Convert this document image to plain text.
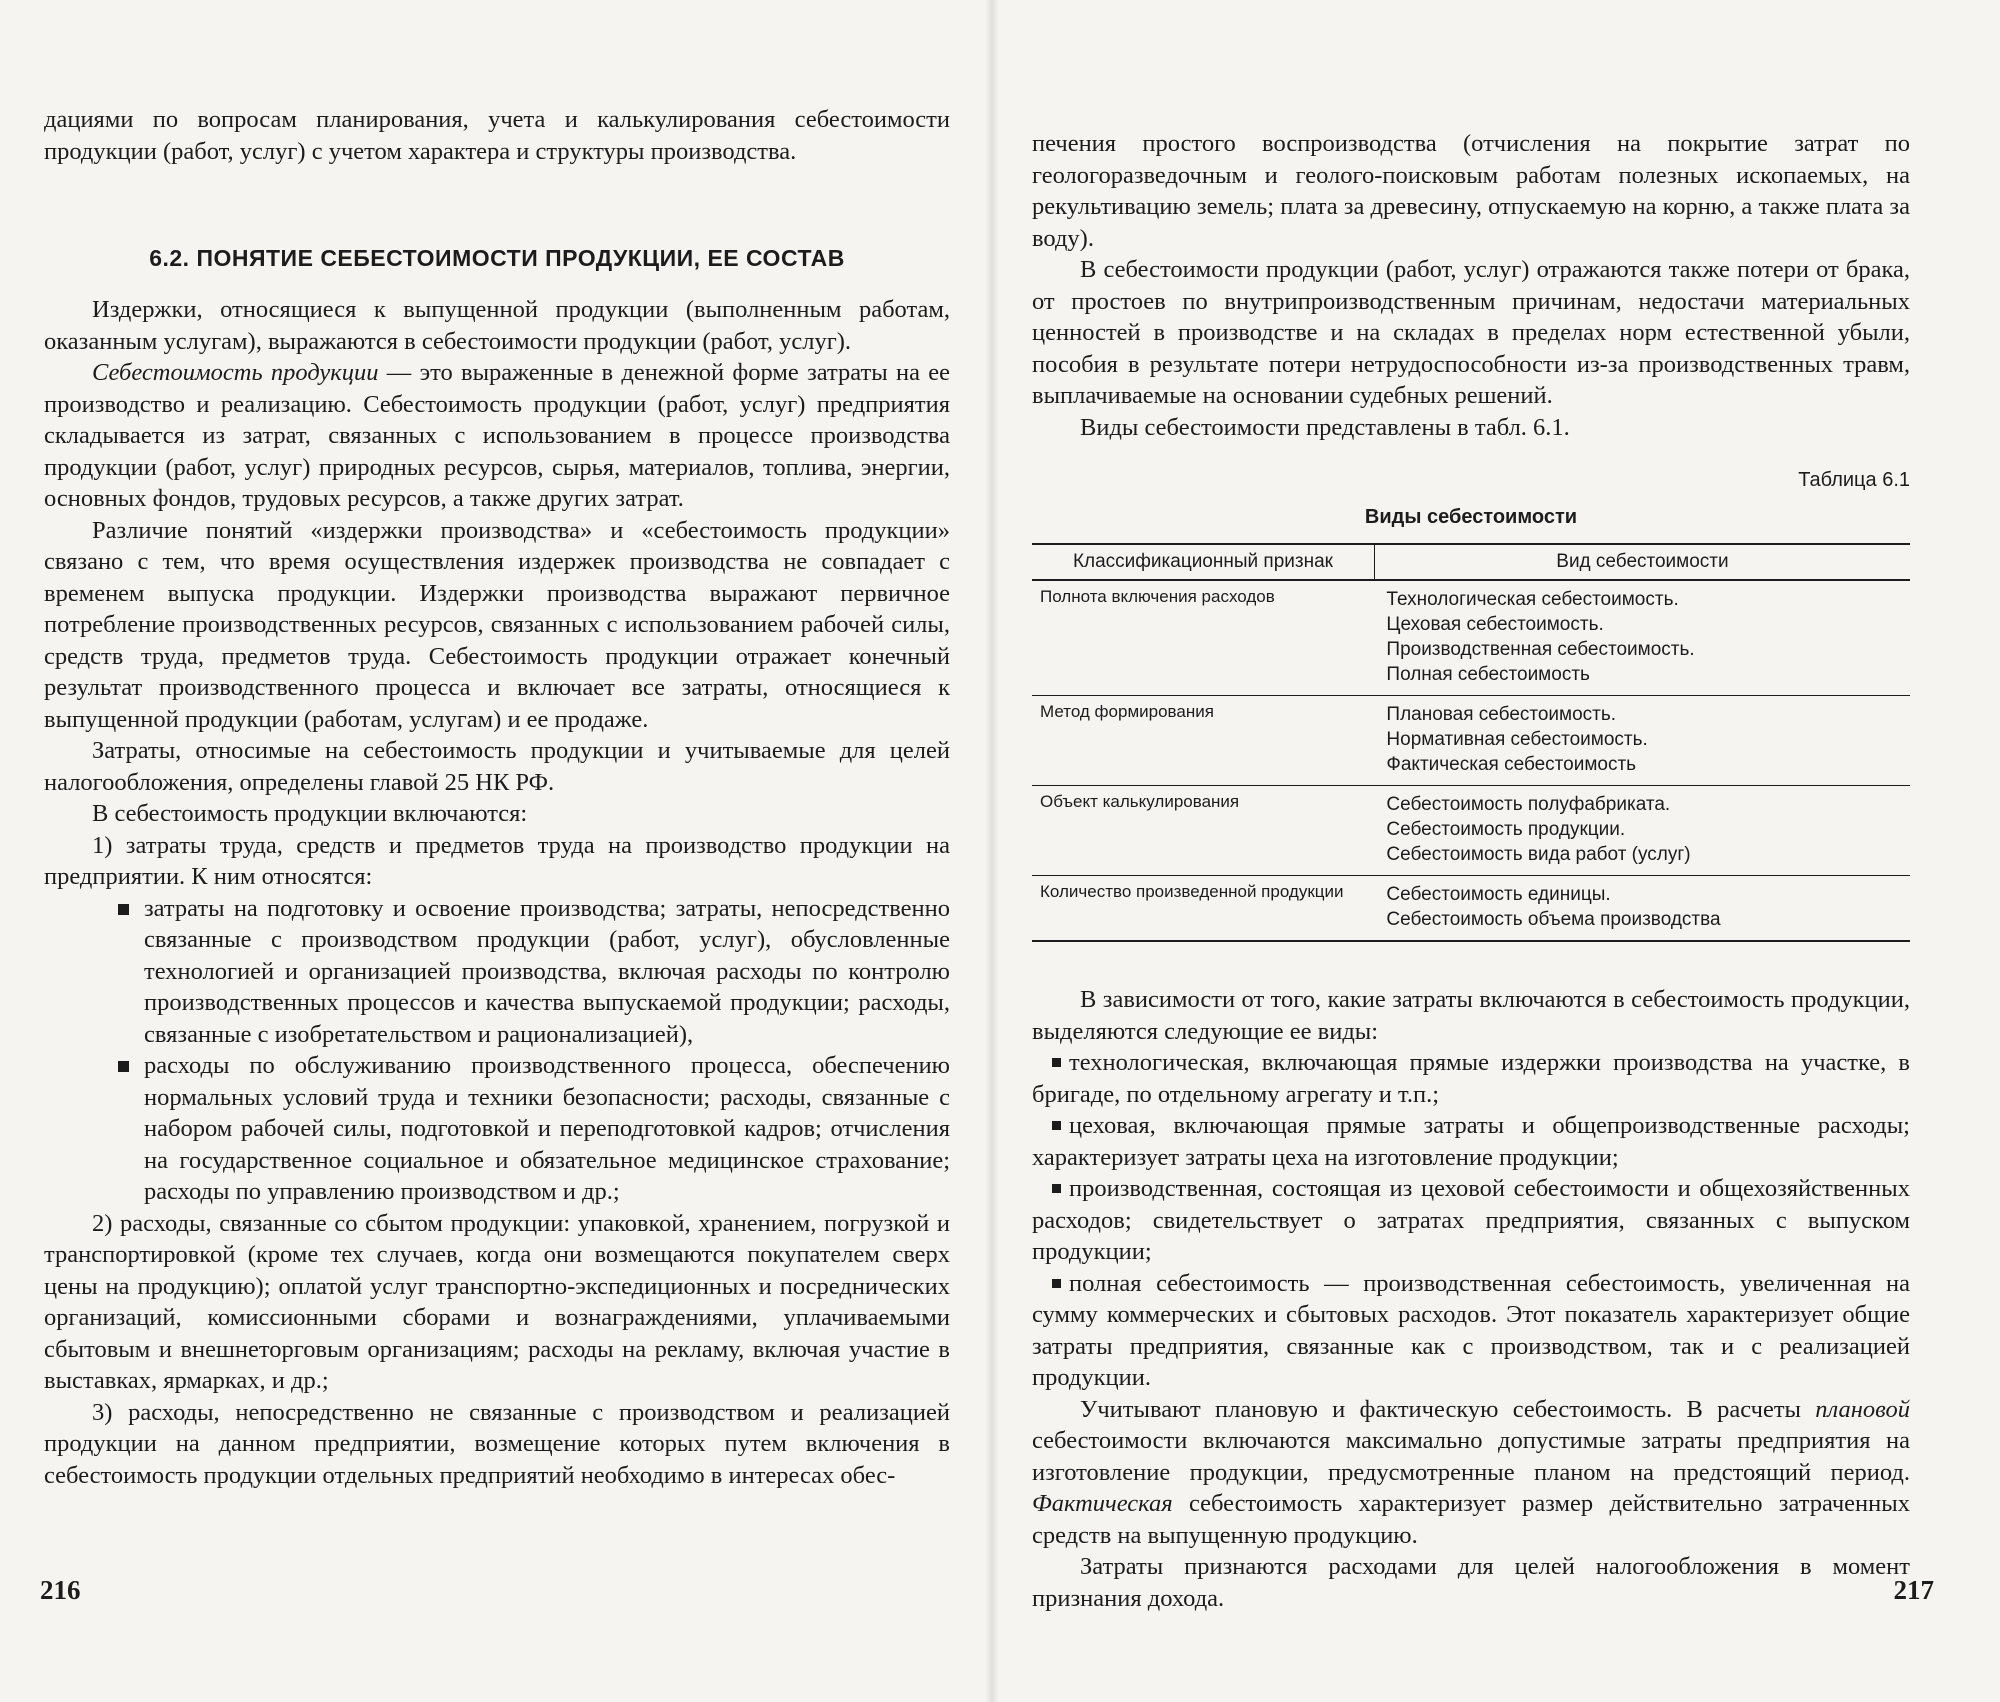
дациями по вопросам планирования, учета и калькулирования себестоимости продукции (работ, услуг) с учетом характера и структуры производства.

6.2. ПОНЯТИЕ СЕБЕСТОИМОСТИ ПРОДУКЦИИ, ЕЕ СОСТАВ

Издержки, относящиеся к выпущенной продукции (выполненным работам, оказанным услугам), выражаются в себестоимости продукции (работ, услуг).

Себестоимость продукции — это выраженные в денежной форме затраты на ее производство и реализацию. Себестоимость продукции (работ, услуг) предприятия складывается из затрат, связанных с использованием в процессе производства продукции (работ, услуг) природных ресурсов, сырья, материалов, топлива, энергии, основных фондов, трудовых ресурсов, а также других затрат.

Различие понятий «издержки производства» и «себестоимость продукции» связано с тем, что время осуществления издержек производства не совпадает с временем выпуска продукции. Издержки производства выражают первичное потребление производственных ресурсов, связанных с использованием рабочей силы, средств труда, предметов труда. Себестоимость продукции отражает конечный результат производственного процесса и включает все затраты, относящиеся к выпущенной продукции (работам, услугам) и ее продаже.

Затраты, относимые на себестоимость продукции и учитываемые для целей налогообложения, определены главой 25 НК РФ.

В себестоимость продукции включаются:

1) затраты труда, средств и предметов труда на производство продукции на предприятии. К ним относятся:

затраты на подготовку и освоение производства; затраты, непосредственно связанные с производством продукции (работ, услуг), обусловленные технологией и организацией производства, включая расходы по контролю производственных процессов и качества выпускаемой продукции; расходы, связанные с изобретательством и рационализацией),
расходы по обслуживанию производственного процесса, обеспечению нормальных условий труда и техники безопасности; расходы, связанные с набором рабочей силы, подготовкой и переподготовкой кадров; отчисления на государственное социальное и обязательное медицинское страхование; расходы по управлению производством и др.;

2) расходы, связанные со сбытом продукции: упаковкой, хранением, погрузкой и транспортировкой (кроме тех случаев, когда они возмещаются покупателем сверх цены на продукцию); оплатой услуг транспортно-экспедиционных и посреднических организаций, комиссионными сборами и вознаграждениями, уплачиваемыми сбытовым и внешнеторговым организациям; расходы на рекламу, включая участие в выставках, ярмарках, и др.;

3) расходы, непосредственно не связанные с производством и реализацией продукции на данном предприятии, возмещение которых путем включения в себестоимость продукции отдельных предприятий необходимо в интересах обес-

216

печения простого воспроизводства (отчисления на покрытие затрат по геологоразведочным и геолого-поисковым работам полезных ископаемых, на рекультивацию земель; плата за древесину, отпускаемую на корню, а также плата за воду).

В себестоимости продукции (работ, услуг) отражаются также потери от брака, от простоев по внутрипроизводственным причинам, недостачи материальных ценностей в производстве и на складах в пределах норм естественной убыли, пособия в результате потери нетрудоспособности из-за производственных травм, выплачиваемые на основании судебных решений.

Виды себестоимости представлены в табл. 6.1.

Таблица 6.1
Виды себестоимости
Классификационный признак	Вид себестоимости
Полнота включения расходов	Технологическая себестоимость.
Цеховая себестоимость.
Производственная себестоимость.
Полная себестоимость

Метод формирования	Плановая себестоимость.
Нормативная себестоимость.
Фактическая себестоимость

Объект калькулирования	Себестоимость полуфабриката.
Себестоимость продукции.
Себестоимость вида работ (услуг)

Количество произведенной продукции	Себестоимость единицы.
Себестоимость объема производства

В зависимости от того, какие затраты включаются в себестоимость продукции, выделяются следующие ее виды:

технологическая, включающая прямые издержки производства на участке, в бригаде, по отдельному агрегату и т.п.;
цеховая, включающая прямые затраты и общепроизводственные расходы; характеризует затраты цеха на изготовление продукции;
производственная, состоящая из цеховой себестоимости и общехозяйственных расходов; свидетельствует о затратах предприятия, связанных с выпуском продукции;
полная себестоимость — производственная себестоимость, увеличенная на сумму коммерческих и сбытовых расходов. Этот показатель характеризует общие затраты предприятия, связанные как с производством, так и с реализацией продукции.

Учитывают плановую и фактическую себестоимость. В расчеты плановой себестоимости включаются максимально допустимые затраты предприятия на изготовление продукции, предусмотренные планом на предстоящий период. Фактическая себестоимость характеризует размер действительно затраченных средств на выпущенную продукцию.

Затраты признаются расходами для целей налогообложения в момент признания дохода.	217
